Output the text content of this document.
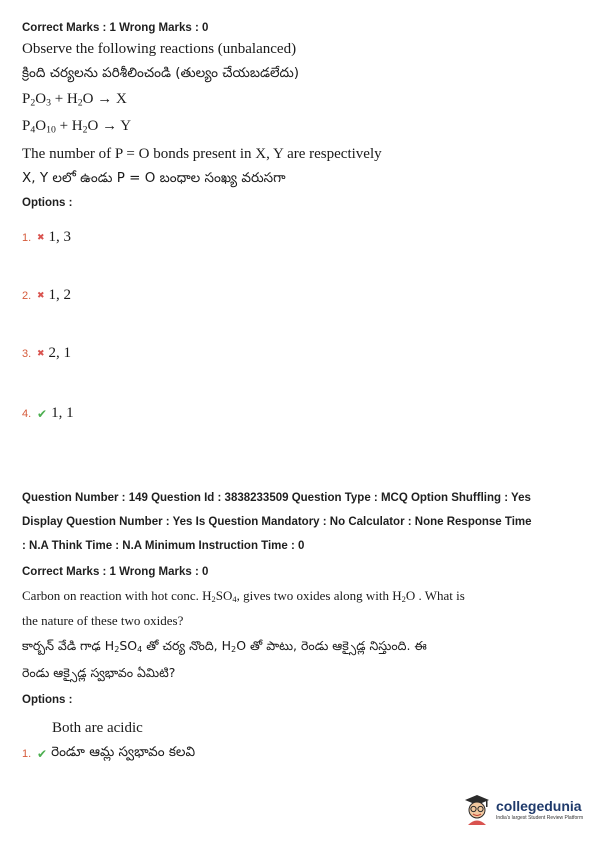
Correct Marks : 1 Wrong Marks : 0
Observe the following reactions (unbalanced)
క్రింది చర్యలను పరిశీలించండి (తుల్యం చేయబడలేదు)
$P_2O_3 + H_2O \to X$
$P_4O_{10} + H_2O \to Y$
The number of P = O bonds present in X, Y are respectively
X, Y లలో ఉండు P = O బంధాల సంఖ్య వరుసగా
Options :
1. ✖ 1, 3
2. ✖ 1, 2
3. ✖ 2, 1
4. ✔ 1, 1
Question Number : 149 Question Id : 3838233509 Question Type : MCQ Option Shuffling : Yes
Display Question Number : Yes Is Question Mandatory : No Calculator : None Response Time
: N.A Think Time : N.A Minimum Instruction Time : 0
Correct Marks : 1 Wrong Marks : 0
Carbon on reaction with hot conc. $H_2SO_4$, gives two oxides along with $H_2O$ . What is
the nature of these two oxides?
కార్బన్ వేడి గాఢ $H_2SO_4$ తో చర్య నొంది, $H_2O$ తో పాటు, రెండు ఆక్సైడ్ల నిస్తుంది. ఈ
రెండు ఆక్సైడ్ల స్వభావం ఏమిటి?
Options :
Both are acidic
1. ✔ రెండూ ఆమ్ల స్వభావం కలవి
collegedunia
India's largest Student Review Platform
